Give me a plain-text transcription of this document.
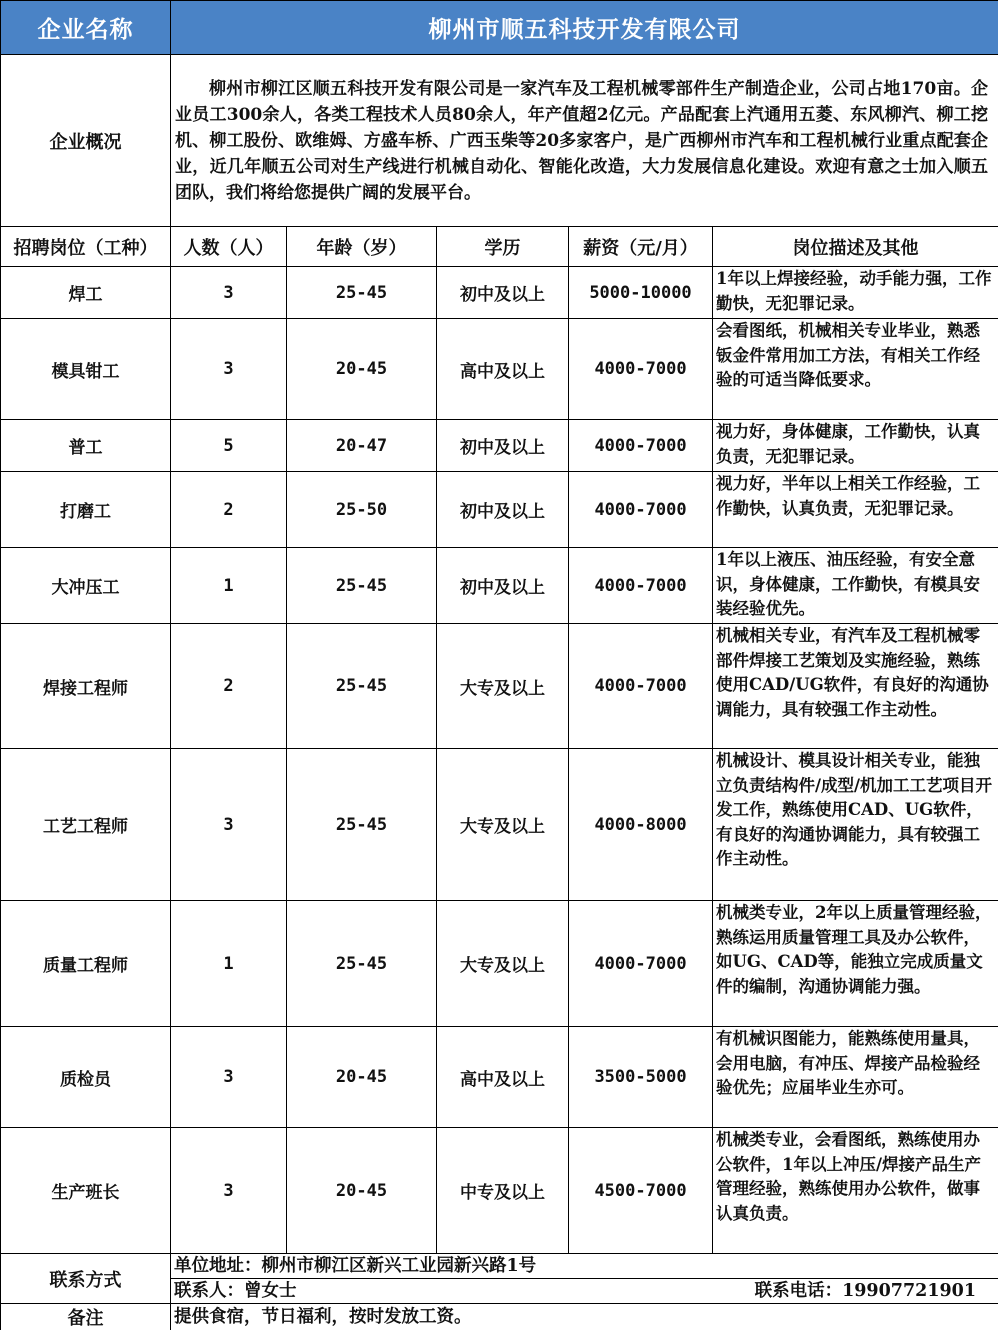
企业名称	柳州市顺五科技开发有限公司				
企业概况	柳州市柳江区顺五科技开发有限公司是一家汽车及工程机械零部件生产制造企业，公司占地170亩。企业员工300余人，各类工程技术人员80余人，年产值超2亿元。产品配套上汽通用五菱、东风柳汽、柳工挖机、柳工股份、欧维姆、方盛车桥、广西玉柴等20多家客户，是广西柳州市汽车和工程机械行业重点配套企业，近几年顺五公司对生产线进行机械自动化、智能化改造，大力发展信息化建设。欢迎有意之士加入顺五团队，我们将给您提供广阔的发展平台。				
招聘岗位（工种）	人数（人）	年龄（岁）	学历	薪资（元/月）	岗位描述及其他
焊工	3	25-45	初中及以上	5000-10000	1年以上焊接经验，动手能力强，工作勤快，无犯罪记录。
模具钳工	3	20-45	高中及以上	4000-7000	会看图纸，机械相关专业毕业，熟悉钣金件常用加工方法，有相关工作经验的可适当降低要求。
普工	5	20-47	初中及以上	4000-7000	视力好，身体健康，工作勤快，认真负责，无犯罪记录。
打磨工	2	25-50	初中及以上	4000-7000	视力好，半年以上相关工作经验，工作勤快，认真负责，无犯罪记录。
大冲压工	1	25-45	初中及以上	4000-7000	1年以上液压、油压经验，有安全意识，身体健康，工作勤快，有模具安装经验优先。
焊接工程师	2	25-45	大专及以上	4000-7000	机械相关专业，有汽车及工程机械零部件焊接工艺策划及实施经验，熟练使用CAD/UG软件，有良好的沟通协调能力，具有较强工作主动性。
工艺工程师	3	25-45	大专及以上	4000-8000	机械设计、模具设计相关专业，能独立负责结构件/成型/机加工工艺项目开发工作，熟练使用CAD、UG软件，有良好的沟通协调能力，具有较强工作主动性。
质量工程师	1	25-45	大专及以上	4000-7000	机械类专业，2年以上质量管理经验，熟练运用质量管理工具及办公软件，如UG、CAD等，能独立完成质量文件的编制，沟通协调能力强。
质检员	3	20-45	高中及以上	3500-5000	有机械识图能力，能熟练使用量具，会用电脑，有冲压、焊接产品检验经验优先；应届毕业生亦可。
生产班长	3	20-45	中专及以上	4500-7000	机械类专业，会看图纸，熟练使用办公软件，1年以上冲压/焊接产品生产管理经验，熟练使用办公软件，做事认真负责。
联系方式	单位地址：柳州市柳江区新兴工业园新兴路1号				

	联系人：曾女士 联系电话：19907721901				

备注	提供食宿，节日福利，按时发放工资。				
